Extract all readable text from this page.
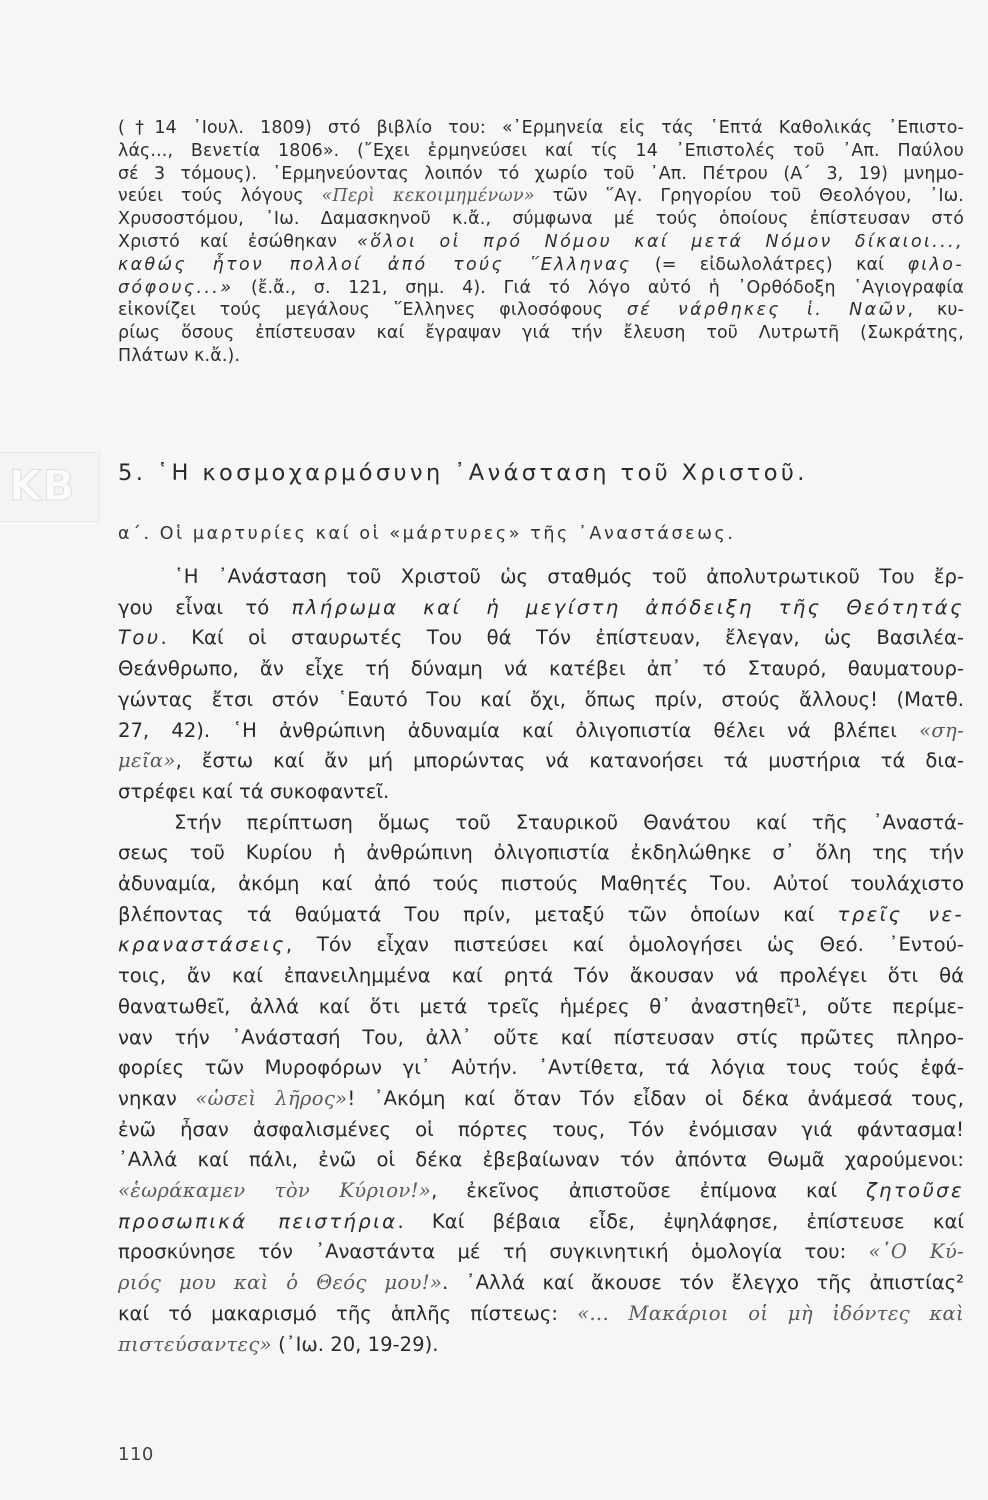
(†14 ᾿Ιουλ. 1809) στό βιβλίο του: «᾿Ερμηνεία εἰς τάς ῾Επτά Καθολικάς ᾿Επιστο-
λάς..., Βενετία 1806». (῎Εχει ἑρμηνεύσει καί τίς 14 ᾿Επιστολές τοῦ ᾿Απ. Παύλου
σέ 3 τόμους). ῾Ερμηνεύοντας λοιπόν τό χωρίο τοῦ ᾿Απ. Πέτρου (Α΄ 3, 19) μνημο-
νεύει τούς λόγους «Περὶ κεκοιμημένων» τῶν ῞Αγ. Γρηγορίου τοῦ Θεολόγου, ᾿Ιω.
Χρυσοστόμου, ᾿Ιω. Δαμασκηνοῦ κ.ἄ., σύμφωνα μέ τούς ὁποίους ἐπίστευσαν στό
Χριστό καί ἐσώθηκαν «ὅλοι οἱ πρό Νόμου καί μετά Νόμον δίκαιοι...,
καθώς ἦτον πολλοί ἀπό τούς ῞Ελληνας (= εἰδωλολάτρες) καί φιλο-
σόφους...» (ἔ.ἄ., σ. 121, σημ. 4). Γιά τό λόγο αὐτό ἡ ᾿Ορθόδοξη ῾Αγιογραφία
εἰκονίζει τούς μεγάλους ῞Ελληνες φιλοσόφους σέ νάρθηκες ἱ. Ναῶν, κυ-
ρίως ὅσους ἐπίστευσαν καί ἔγραψαν γιά τήν ἔλευση τοῦ Λυτρωτῆ (Σωκράτης,
Πλάτων κ.ἄ.).
KB 5. ῾Η κοσμοχαρμόσυνη ᾿Ανάσταση τοῦ Χριστοῦ.
α΄. Οἱ μαρτυρίες καί οἱ «μάρτυρες» τῆς ᾿Αναστάσεως.
῾Η ᾿Ανάσταση τοῦ Χριστοῦ ὡς σταθμός τοῦ ἀπολυτρωτικοῦ Του ἔρ-
γου εἶναι τό πλήρωμα καί ἡ μεγίστη ἀπόδειξη τῆς Θεότητάς
Του. Καί οἱ σταυρωτές Του θά Τόν ἐπίστευαν, ἔλεγαν, ὡς Βασιλέα-
Θεάνθρωπο, ἄν εἶχε τή δύναμη νά κατέβει ἀπ᾿ τό Σταυρό, θαυματουρ-
γώντας ἔτσι στόν ῾Εαυτό Του καί ὄχι, ὅπως πρίν, στούς ἄλλους! (Ματθ.
27, 42). ῾Η ἀνθρώπινη ἀδυναμία καί ὀλιγοπιστία θέλει νά βλέπει «ση-
μεῖα», ἔστω καί ἄν μή μπορώντας νά κατανοήσει τά μυστήρια τά δια-
στρέφει καί τά συκοφαντεῖ.
Στήν περίπτωση ὅμως τοῦ Σταυρικοῦ Θανάτου καί τῆς ᾿Αναστά-
σεως τοῦ Κυρίου ἡ ἀνθρώπινη ὀλιγοπιστία ἐκδηλώθηκε σ᾿ ὅλη της τήν
ἀδυναμία, ἀκόμη καί ἀπό τούς πιστούς Μαθητές Του. Αὐτοί τουλάχιστο
βλέποντας τά θαύματά Του πρίν, μεταξύ τῶν ὁποίων καί τρεῖς νε-
κραναστάσεις, Τόν εἶχαν πιστεύσει καί ὁμολογήσει ὡς Θεό. ᾿Εντού-
τοις, ἄν καί ἐπανειλημμένα καί ρητά Τόν ἄκουσαν νά προλέγει ὅτι θά
θανατωθεῖ, ἀλλά καί ὅτι μετά τρεῖς ἡμέρες θ᾿ ἀναστηθεῖ¹, οὔτε περίμε-
ναν τήν ᾿Ανάστασή Του, ἀλλ᾿ οὔτε καί πίστευσαν στίς πρῶτες πληρο-
φορίες τῶν Μυροφόρων γι᾿ Αὐτήν. ᾿Αντίθετα, τά λόγια τους τούς ἐφά-
νηκαν «ὡσεὶ λῆρος»! ᾿Ακόμη καί ὅταν Τόν εἶδαν οἱ δέκα ἀνάμεσά τους,
ἐνῶ ἦσαν ἀσφαλισμένες οἱ πόρτες τους, Τόν ἐνόμισαν γιά φάντασμα!
᾿Αλλά καί πάλι, ἐνῶ οἱ δέκα ἐβεβαίωναν τόν ἀπόντα Θωμᾶ χαρούμενοι:
«ἑωράκαμεν τὸν Κύριον!», ἐκεῖνος ἀπιστοῦσε ἐπίμονα καί ζητοῦσε
προσωπικά πειστήρια. Καί βέβαια εἶδε, ἐψηλάφησε, ἐπίστευσε καί
προσκύνησε τόν ᾿Αναστάντα μέ τή συγκινητική ὁμολογία του: «῾Ο Κύ-
ριός μου καὶ ὁ Θεός μου!». ᾿Αλλά καί ἄκουσε τόν ἔλεγχο τῆς ἀπιστίας²
καί τό μακαρισμό τῆς ἁπλῆς πίστεως: «... Μακάριοι οἱ μὴ ἰδόντες καὶ
πιστεύσαντες» (᾿Ιω. 20, 19-29).
110
